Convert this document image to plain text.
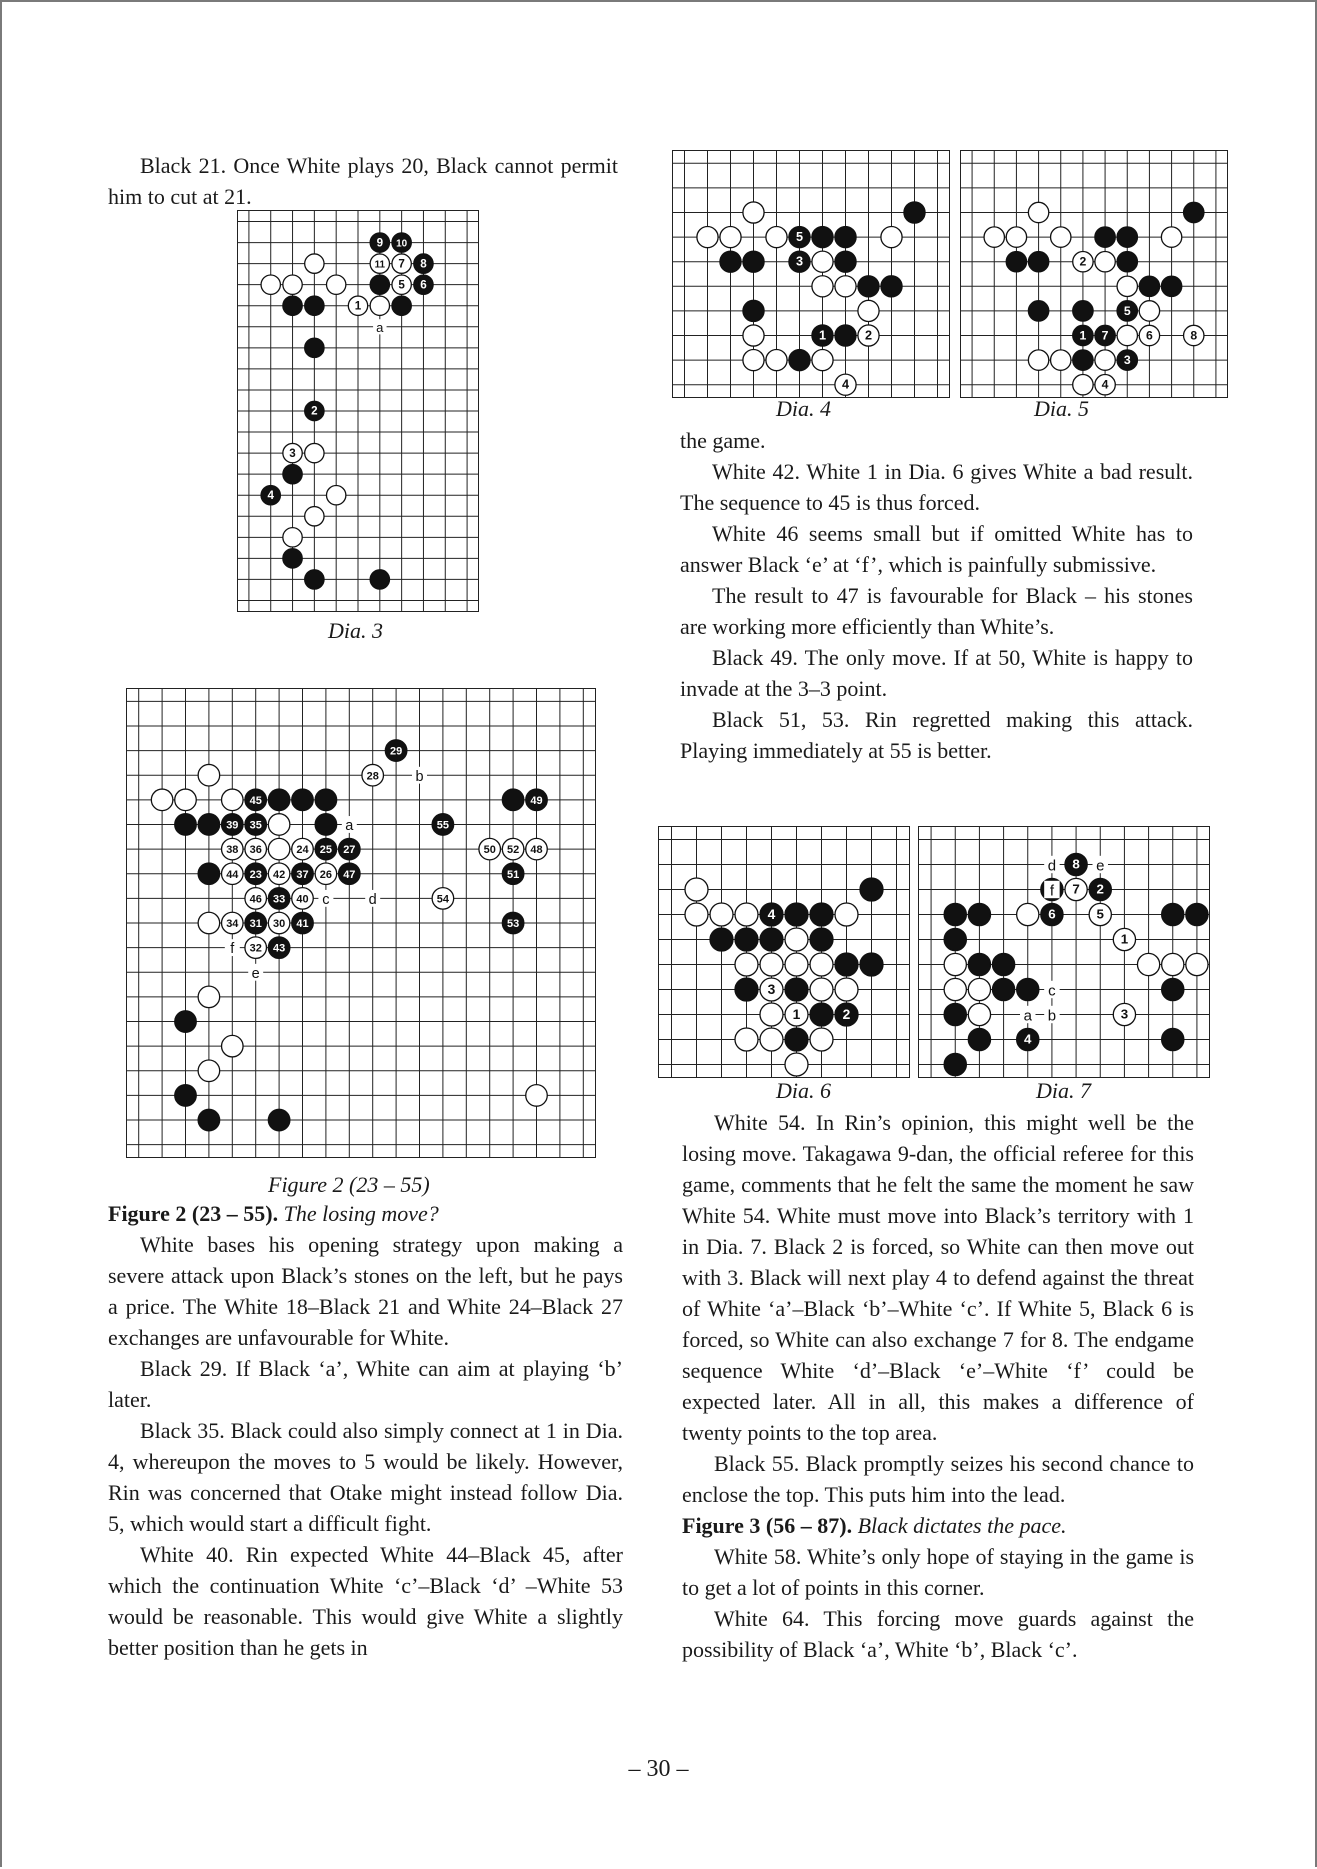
Black 21. Once White plays 20, Black cannot permit him to cut at 21.

9 10
11 7 8
5 6
1
2
3
4
a
Dia. 3
29
28
45	49
39 35	55
38 36	24 25 27	50 52 48
44 23 42 37 26 47	51
46 33 40	54
34 31 30 41	53
32 43
b
a
c	d
f
e
Figure 2 (23 – 55)

Figure 2 (23 – 55). The losing move?

White bases his opening strategy upon making a severe attack upon Black’s stones on the left, but he pays a price. The White 18–Black 21 and White 24–Black 27 exchanges are unfavourable for White.

Black 29. If Black ‘a’, White can aim at playing ‘b’ later.

Black 35. Black could also simply connect at 1 in Dia. 4, whereupon the moves to 5 would be likely. However, Rin was concerned that Otake might instead follow Dia. 5, which would start a difficult fight.

White 40. Rin expected White 44–Black 45, after which the continuation White ‘c’–Black ‘d’ –White 53 would be reasonable. This would give White a slightly better position than he gets in

5
3
1	2
4
2
5
1 7	6	8
3
4
Dia. 4	Dia. 5

the game.

White 42. White 1 in Dia. 6 gives White a bad result. The sequence to 45 is thus forced.

White 46 seems small but if omitted White has to answer Black ‘e’ at ‘f’, which is painfully submissive.

The result to 47 is favourable for Black – his stones are working more efficiently than White’s.

Black 49. The only move. If at 50, White is happy to invade at the 3–3 point.

Black 51, 53. Rin regretted making this attack. Playing immediately at 55 is better.

4
3
1	2
8
7 2
6	5
1
3
4
d	e
f
c
a b
Dia. 6	Dia. 7

White 54. In Rin’s opinion, this might well be the losing move. Takagawa 9-dan, the official referee for this game, comments that he felt the same the moment he saw White 54. White must move into Black’s territory with 1 in Dia. 7. Black 2 is forced, so White can then move out with 3. Black will next play 4 to defend against the threat of White ‘a’–Black ‘b’–White ‘c’. If White 5, Black 6 is forced, so White can also exchange 7 for 8. The endgame sequence White ‘d’–Black ‘e’–White ‘f’ could be expected later. All in all, this makes a difference of twenty points to the top area.

Black 55. Black promptly seizes his second chance to enclose the top. This puts him into the lead.

Figure 3 (56 – 87). Black dictates the pace.

White 58. White’s only hope of staying in the game is to get a lot of points in this corner.

White 64. This forcing move guards against the possibility of Black ‘a’, White ‘b’, Black ‘c’.

– 30 –
